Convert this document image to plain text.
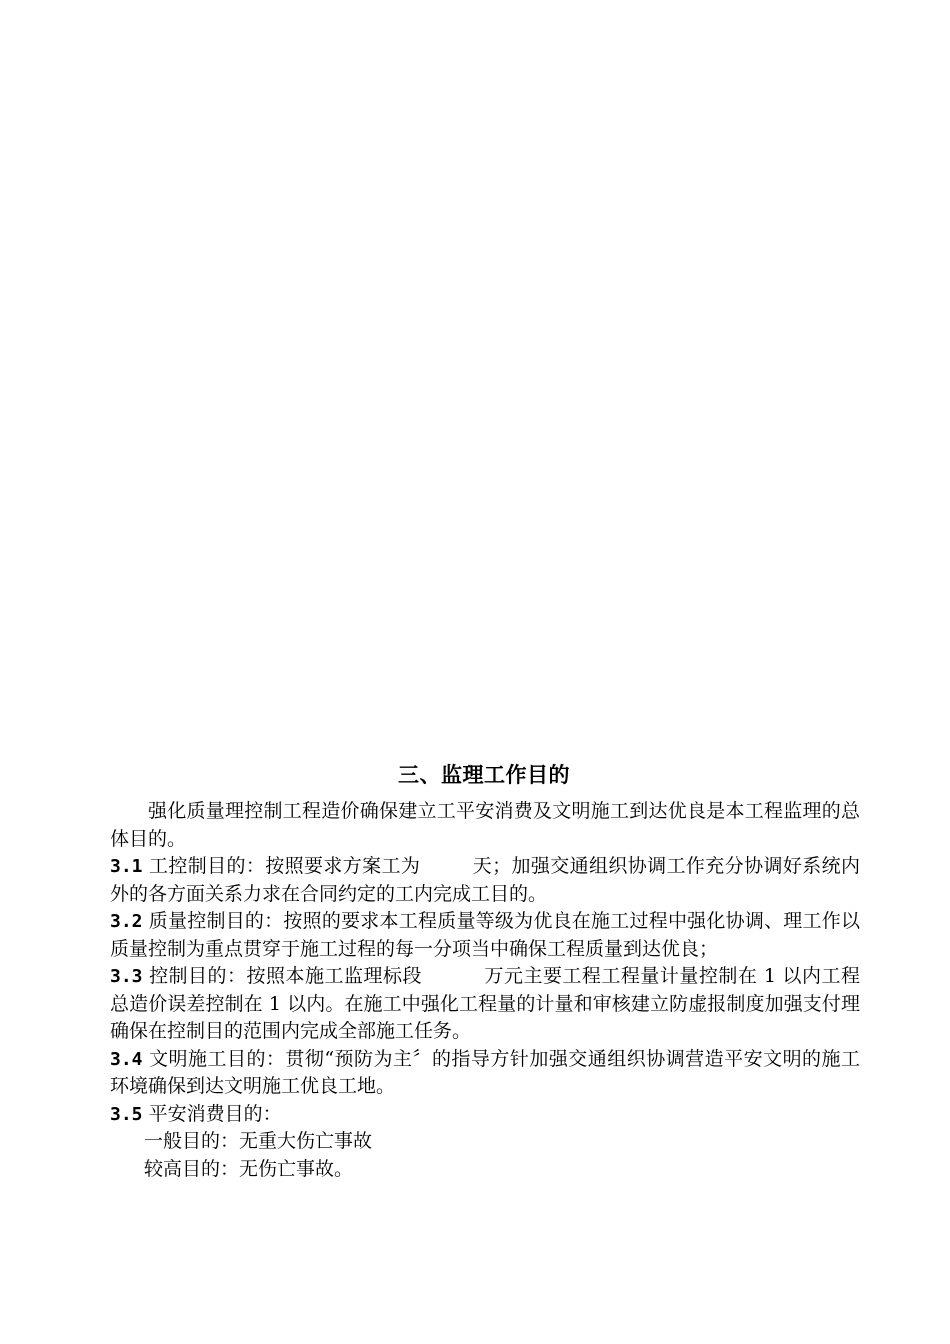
三、监理工作目的

强化质量理控制工程造价确保建立工平安消费及文明施工到达优良是本工程监理的总体目的。

3.1 工控制目的：按照要求方案工为	天；加强交通组织协调工作充分协调好系统内外的各方面关系力求在合同约定的工内完成工目的。

3.2 质量控制目的：按照的要求本工程质量等级为优良在施工过程中强化协调、理工作以质量控制为重点贯穿于施工过程的每一分项当中确保工程质量到达优良；

3.3 控制目的：按照本施工监理标段	万元主要工程工程量计量控制在 1 以内工程总造价误差控制在 1 以内。在施工中强化工程量的计量和审核建立防虚报制度加强支付理确保在控制目的范围内完成全部施工任务。

3.4 文明施工目的：贯彻“预防为主〞的指导方针加强交通组织协调营造平安文明的施工环境确保到达文明施工优良工地。

3.5 平安消费目的：

一般目的：无重大伤亡事故

较高目的：无伤亡事故。
